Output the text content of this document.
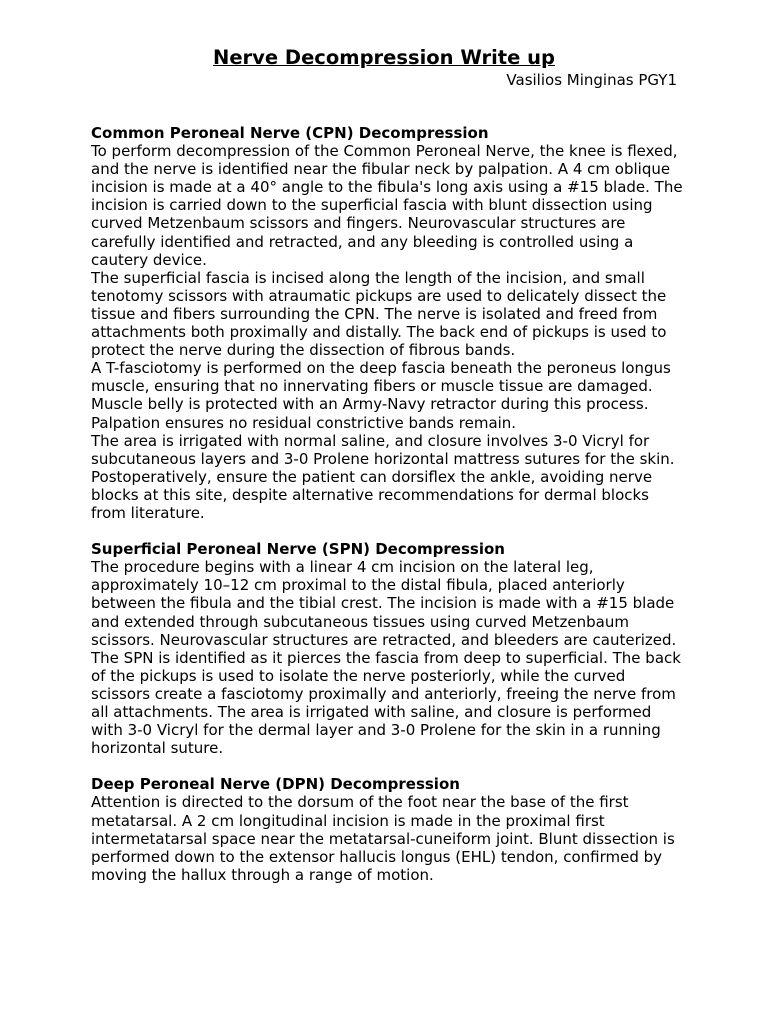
Nerve Decompression Write up

Vasilios Minginas PGY1

Common Peroneal Nerve (CPN) Decompression

To perform decompression of the Common Peroneal Nerve, the knee is flexed, and the nerve is identified near the fibular neck by palpation. A 4 cm oblique incision is made at a 40° angle to the fibula's long axis using a #15 blade. The incision is carried down to the superficial fascia with blunt dissection using curved Metzenbaum scissors and fingers. Neurovascular structures are carefully identified and retracted, and any bleeding is controlled using a cautery device.

The superficial fascia is incised along the length of the incision, and small tenotomy scissors with atraumatic pickups are used to delicately dissect the tissue and fibers surrounding the CPN. The nerve is isolated and freed from attachments both proximally and distally. The back end of pickups is used to protect the nerve during the dissection of fibrous bands.

A T-fasciotomy is performed on the deep fascia beneath the peroneus longus muscle, ensuring that no innervating fibers or muscle tissue are damaged. Muscle belly is protected with an Army-Navy retractor during this process. Palpation ensures no residual constrictive bands remain.

The area is irrigated with normal saline, and closure involves 3-0 Vicryl for subcutaneous layers and 3-0 Prolene horizontal mattress sutures for the skin. Postoperatively, ensure the patient can dorsiflex the ankle, avoiding nerve blocks at this site, despite alternative recommendations for dermal blocks from literature.

Superficial Peroneal Nerve (SPN) Decompression

The procedure begins with a linear 4 cm incision on the lateral leg, approximately 10–12 cm proximal to the distal fibula, placed anteriorly between the fibula and the tibial crest. The incision is made with a #15 blade and extended through subcutaneous tissues using curved Metzenbaum scissors. Neurovascular structures are retracted, and bleeders are cauterized.

The SPN is identified as it pierces the fascia from deep to superficial. The back of the pickups is used to isolate the nerve posteriorly, while the curved scissors create a fasciotomy proximally and anteriorly, freeing the nerve from all attachments. The area is irrigated with saline, and closure is performed with 3-0 Vicryl for the dermal layer and 3-0 Prolene for the skin in a running horizontal suture.

Deep Peroneal Nerve (DPN) Decompression

Attention is directed to the dorsum of the foot near the base of the first metatarsal. A 2 cm longitudinal incision is made in the proximal first intermetatarsal space near the metatarsal-cuneiform joint. Blunt dissection is performed down to the extensor hallucis longus (EHL) tendon, confirmed by moving the hallux through a range of motion.
